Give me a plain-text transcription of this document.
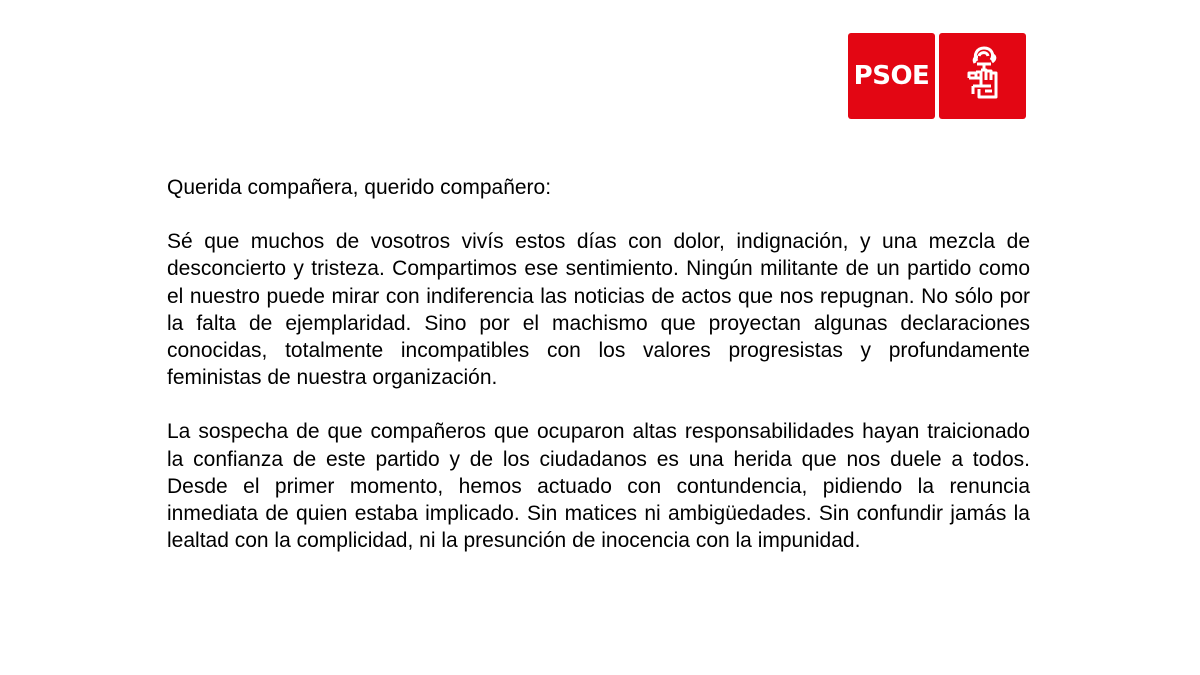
PSOE

Querida compañera, querido compañero:

Sé que muchos de vosotros vivís estos días con dolor, indignación, y una mezcla de desconcierto y tristeza. Compartimos ese sentimiento. Ningún militante de un partido como el nuestro puede mirar con indiferencia las noticias de actos que nos repugnan. No sólo por la falta de ejemplaridad. Sino por el machismo que proyectan algunas declaraciones conocidas, totalmente incompatibles con los valores progresistas y profundamente feministas de nuestra organización.

La sospecha de que compañeros que ocuparon altas responsabilidades hayan traicionado la confianza de este partido y de los ciudadanos es una herida que nos duele a todos. Desde el primer momento, hemos actuado con contundencia, pidiendo la renuncia inmediata de quien estaba implicado. Sin matices ni ambigüedades. Sin confundir jamás la lealtad con la complicidad, ni la presunción de inocencia con la impunidad.
